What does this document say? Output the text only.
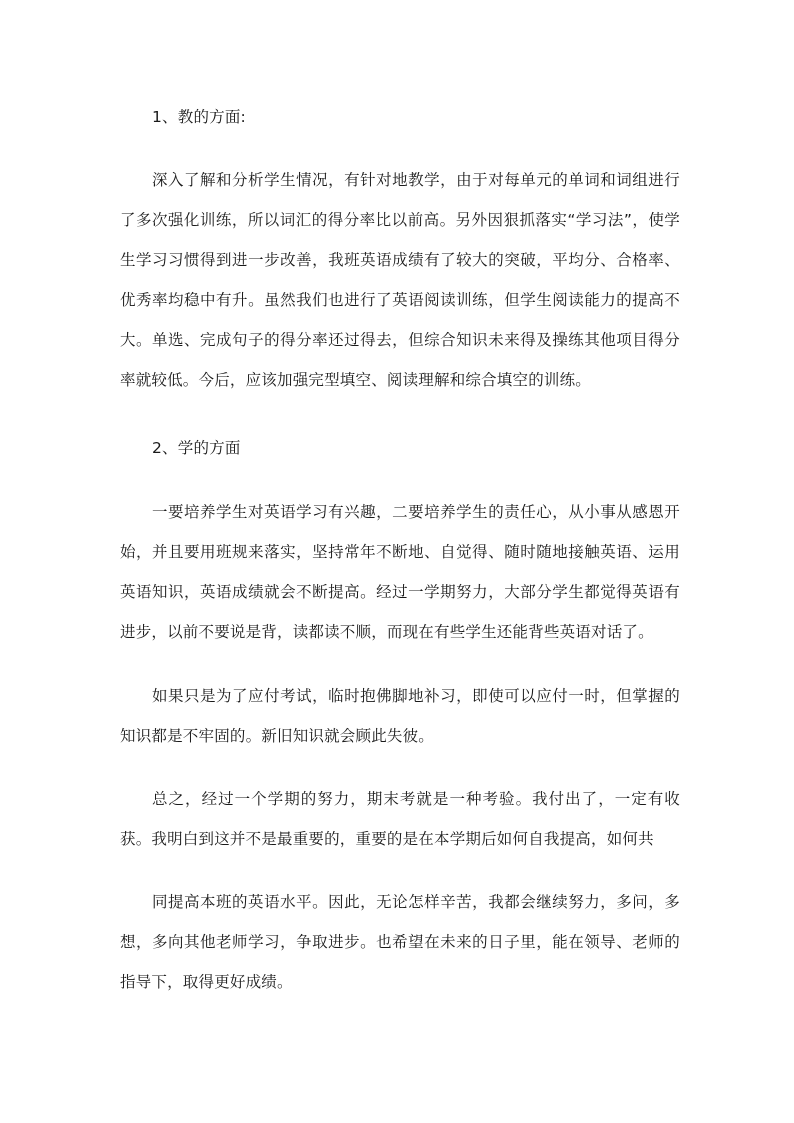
1、教的方面:

深入了解和分析学生情况，有针对地教学，由于对每单元的单词和词组进行了多次强化训练，所以词汇的得分率比以前高。另外因狠抓落实“学习法”，使学生学习习惯得到进一步改善，我班英语成绩有了较大的突破，平均分、合格率、优秀率均稳中有升。虽然我们也进行了英语阅读训练，但学生阅读能力的提高不大。单选、完成句子的得分率还过得去，但综合知识未来得及操练其他项目得分率就较低。今后，应该加强完型填空、阅读理解和综合填空的训练。

2、学的方面

一要培养学生对英语学习有兴趣，二要培养学生的责任心，从小事从感恩开始，并且要用班规来落实，坚持常年不断地、自觉得、随时随地接触英语、运用英语知识，英语成绩就会不断提高。经过一学期努力，大部分学生都觉得英语有进步，以前不要说是背，读都读不顺，而现在有些学生还能背些英语对话了。

如果只是为了应付考试，临时抱佛脚地补习，即使可以应付一时，但掌握的知识都是不牢固的。新旧知识就会顾此失彼。

总之，经过一个学期的努力，期末考就是一种考验。我付出了，一定有收获。我明白到这并不是最重要的，重要的是在本学期后如何自我提高，如何共

同提高本班的英语水平。因此，无论怎样辛苦，我都会继续努力，多问，多想，多向其他老师学习，争取进步。也希望在未来的日子里，能在领导、老师的指导下，取得更好成绩。
